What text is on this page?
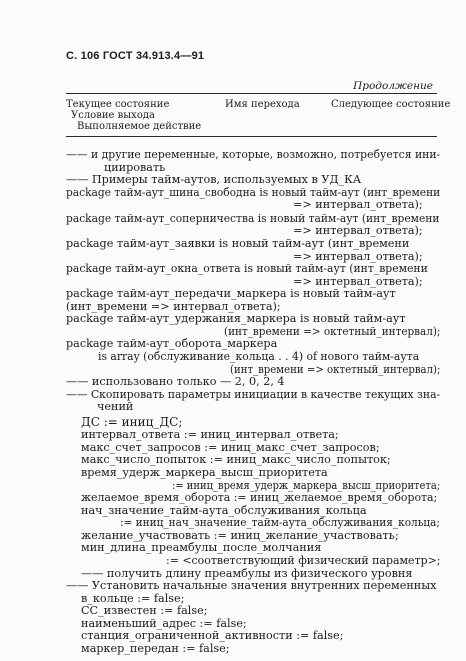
С. 106 ГОСТ 34.913.4—91
Продолжение
Текущее состояние
Условие выхода
Выполняемое действие
Имя перехода	Следующее состояние
—— и другие переменные, которые, возможно, потребуется ини-
циировать
—— Примеры тайм-аутов, используемых в УД_КА
package тайм-аут_шина_свободна is новый тайм-аут (инт_времени
=> интервал_ответа);
package тайм-аут_соперничества is новый тайм-аут (инт_времени
=> интервал_ответа);
package тайм-аут_заявки is новый тайм-аут (инт_времени
=> интервал_ответа);
package тайм-аут_окна_ответа is новый тайм-аут (инт_времени
=> интервал_ответа);
package тайм-аут_передачи_маркера is новый тайм-аут
(инт_времени => интервал_ответа);
package тайм-аут_удержания_маркера is новый тайм-аут
(инт_времени => октетный_интервал);
package тайм-аут_оборота_маркера
is array (обслуживание_кольца . . 4) of нового тайм-аута
(инт_времени => октетный_интервал);
—— использовано только — 2, 0, 2, 4
—— Скопировать параметры инициации в качестве текущих зна-
чений
ДС := иниц_ДС;
интервал_ответа := иниц_интервал_ответа;
макс_счет_запросов := иниц_макс_счет_запросов;
макс_число_попыток := иниц_макс_число_попыток;
время_удерж_маркера_высш_приоритета
:= иниц_время_удерж_маркера_высш_приоритета;
желаемое_время_оборота := иниц_желаемое_время_оборота;
нач_значение_тайм-аута_обслуживания_кольца
:= иниц_нач_значение_тайм-аута_обслуживания_кольца;
желание_участвовать := иниц_желание_участвовать;
мин_длина_преамбулы_после_молчания
:= <соответствующий физический параметр>;
—— получить длину преамбулы из физического уровня
—— Установить начальные значения внутренних переменных
в_кольце := false;
СС_известен := false;
наименьший_адрес := false;
станция_ограниченной_активности := false;
маркер_передан := false;
